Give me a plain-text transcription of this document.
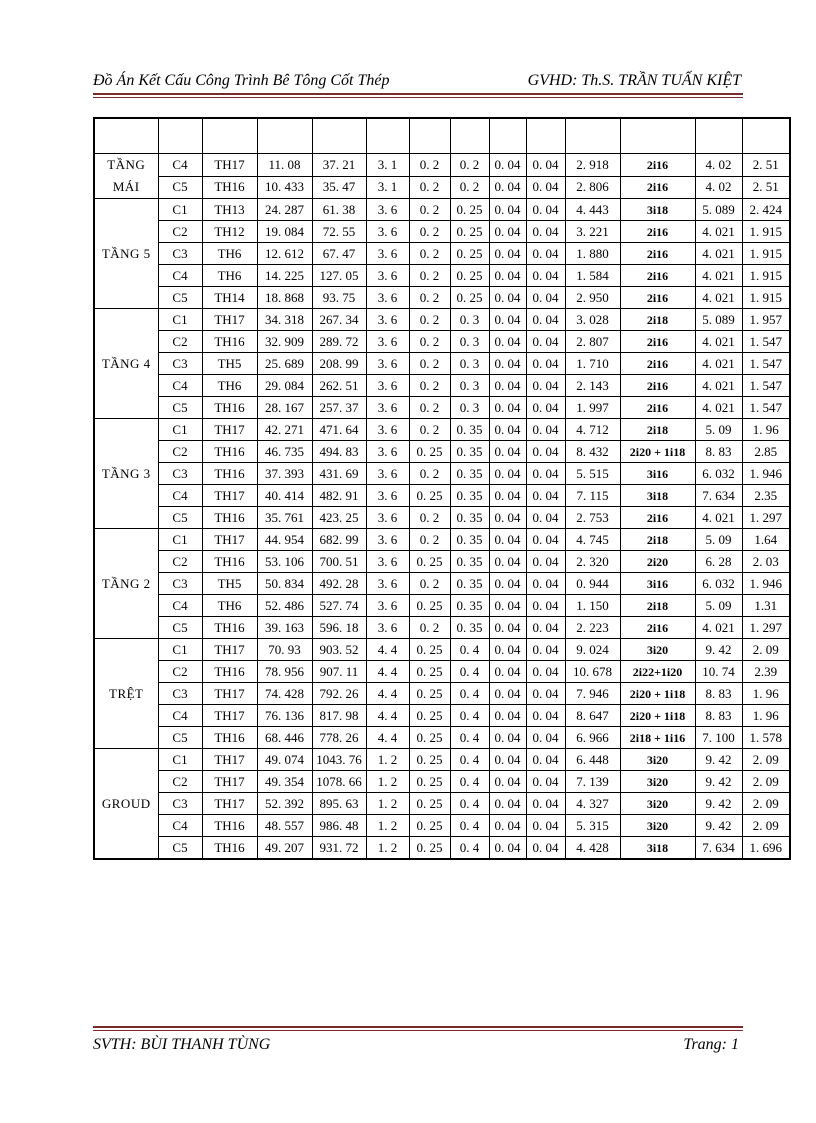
Đồ Án Kết Cấu Công Trình Bê Tông Cốt Thép	GVHD: Th.S. TRẦN TUẤN KIỆT

TẦNG MÁI	C4	TH17	11. 08	37. 21	3. 1	0. 2	0. 2	0. 04	0. 04	2. 918	2i16	4. 02	2. 51
	C5	TH16	10. 433	35. 47	3. 1	0. 2	0. 2	0. 04	0. 04	2. 806	2i16	4. 02	2. 51
TẦNG 5	C1	TH13	24. 287	61. 38	3. 6	0. 2	0. 25	0. 04	0. 04	4. 443	3i18	5. 089	2. 424
	C2	TH12	19. 084	72. 55	3. 6	0. 2	0. 25	0. 04	0. 04	3. 221	2i16	4. 021	1. 915
	C3	TH6	12. 612	67. 47	3. 6	0. 2	0. 25	0. 04	0. 04	1. 880	2i16	4. 021	1. 915
	C4	TH6	14. 225	127. 05	3. 6	0. 2	0. 25	0. 04	0. 04	1. 584	2i16	4. 021	1. 915
	C5	TH14	18. 868	93. 75	3. 6	0. 2	0. 25	0. 04	0. 04	2. 950	2i16	4. 021	1. 915
TẦNG 4	C1	TH17	34. 318	267. 34	3. 6	0. 2	0. 3	0. 04	0. 04	3. 028	2i18	5. 089	1. 957
	C2	TH16	32. 909	289. 72	3. 6	0. 2	0. 3	0. 04	0. 04	2. 807	2i16	4. 021	1. 547
	C3	TH5	25. 689	208. 99	3. 6	0. 2	0. 3	0. 04	0. 04	1. 710	2i16	4. 021	1. 547
	C4	TH6	29. 084	262. 51	3. 6	0. 2	0. 3	0. 04	0. 04	2. 143	2i16	4. 021	1. 547
	C5	TH16	28. 167	257. 37	3. 6	0. 2	0. 3	0. 04	0. 04	1. 997	2i16	4. 021	1. 547
TẦNG 3	C1	TH17	42. 271	471. 64	3. 6	0. 2	0. 35	0. 04	0. 04	4. 712	2i18	5. 09	1. 96
	C2	TH16	46. 735	494. 83	3. 6	0. 25	0. 35	0. 04	0. 04	8. 432	2i20 + 1i18	8. 83	2.85
	C3	TH16	37. 393	431. 69	3. 6	0. 2	0. 35	0. 04	0. 04	5. 515	3i16	6. 032	1. 946
	C4	TH17	40. 414	482. 91	3. 6	0. 25	0. 35	0. 04	0. 04	7. 115	3i18	7. 634	2.35
	C5	TH16	35. 761	423. 25	3. 6	0. 2	0. 35	0. 04	0. 04	2. 753	2i16	4. 021	1. 297
TẦNG 2	C1	TH17	44. 954	682. 99	3. 6	0. 2	0. 35	0. 04	0. 04	4. 745	2i18	5. 09	1.64
	C2	TH16	53. 106	700. 51	3. 6	0. 25	0. 35	0. 04	0. 04	2. 320	2i20	6. 28	2. 03
	C3	TH5	50. 834	492. 28	3. 6	0. 2	0. 35	0. 04	0. 04	0. 944	3i16	6. 032	1. 946
	C4	TH6	52. 486	527. 74	3. 6	0. 25	0. 35	0. 04	0. 04	1. 150	2i18	5. 09	1.31
	C5	TH16	39. 163	596. 18	3. 6	0. 2	0. 35	0. 04	0. 04	2. 223	2i16	4. 021	1. 297
TRỆT	C1	TH17	70. 93	903. 52	4. 4	0. 25	0. 4	0. 04	0. 04	9. 024	3i20	9. 42	2. 09
	C2	TH16	78. 956	907. 11	4. 4	0. 25	0. 4	0. 04	0. 04	10. 678	2i22+1i20	10. 74	2.39
	C3	TH17	74. 428	792. 26	4. 4	0. 25	0. 4	0. 04	0. 04	7. 946	2i20 + 1i18	8. 83	1. 96
	C4	TH17	76. 136	817. 98	4. 4	0. 25	0. 4	0. 04	0. 04	8. 647	2i20 + 1i18	8. 83	1. 96
	C5	TH16	68. 446	778. 26	4. 4	0. 25	0. 4	0. 04	0. 04	6. 966	2i18 + 1i16	7. 100	1. 578
GROUD	C1	TH17	49. 074	1043. 76	1. 2	0. 25	0. 4	0. 04	0. 04	6. 448	3i20	9. 42	2. 09
	C2	TH17	49. 354	1078. 66	1. 2	0. 25	0. 4	0. 04	0. 04	7. 139	3i20	9. 42	2. 09
	C3	TH17	52. 392	895. 63	1. 2	0. 25	0. 4	0. 04	0. 04	4. 327	3i20	9. 42	2. 09
	C4	TH16	48. 557	986. 48	1. 2	0. 25	0. 4	0. 04	0. 04	5. 315	3i20	9. 42	2. 09
	C5	TH16	49. 207	931. 72	1. 2	0. 25	0. 4	0. 04	0. 04	4. 428	3i18	7. 634	1. 696
SVTH: BÙI THANH TÙNG	Trang: 1
